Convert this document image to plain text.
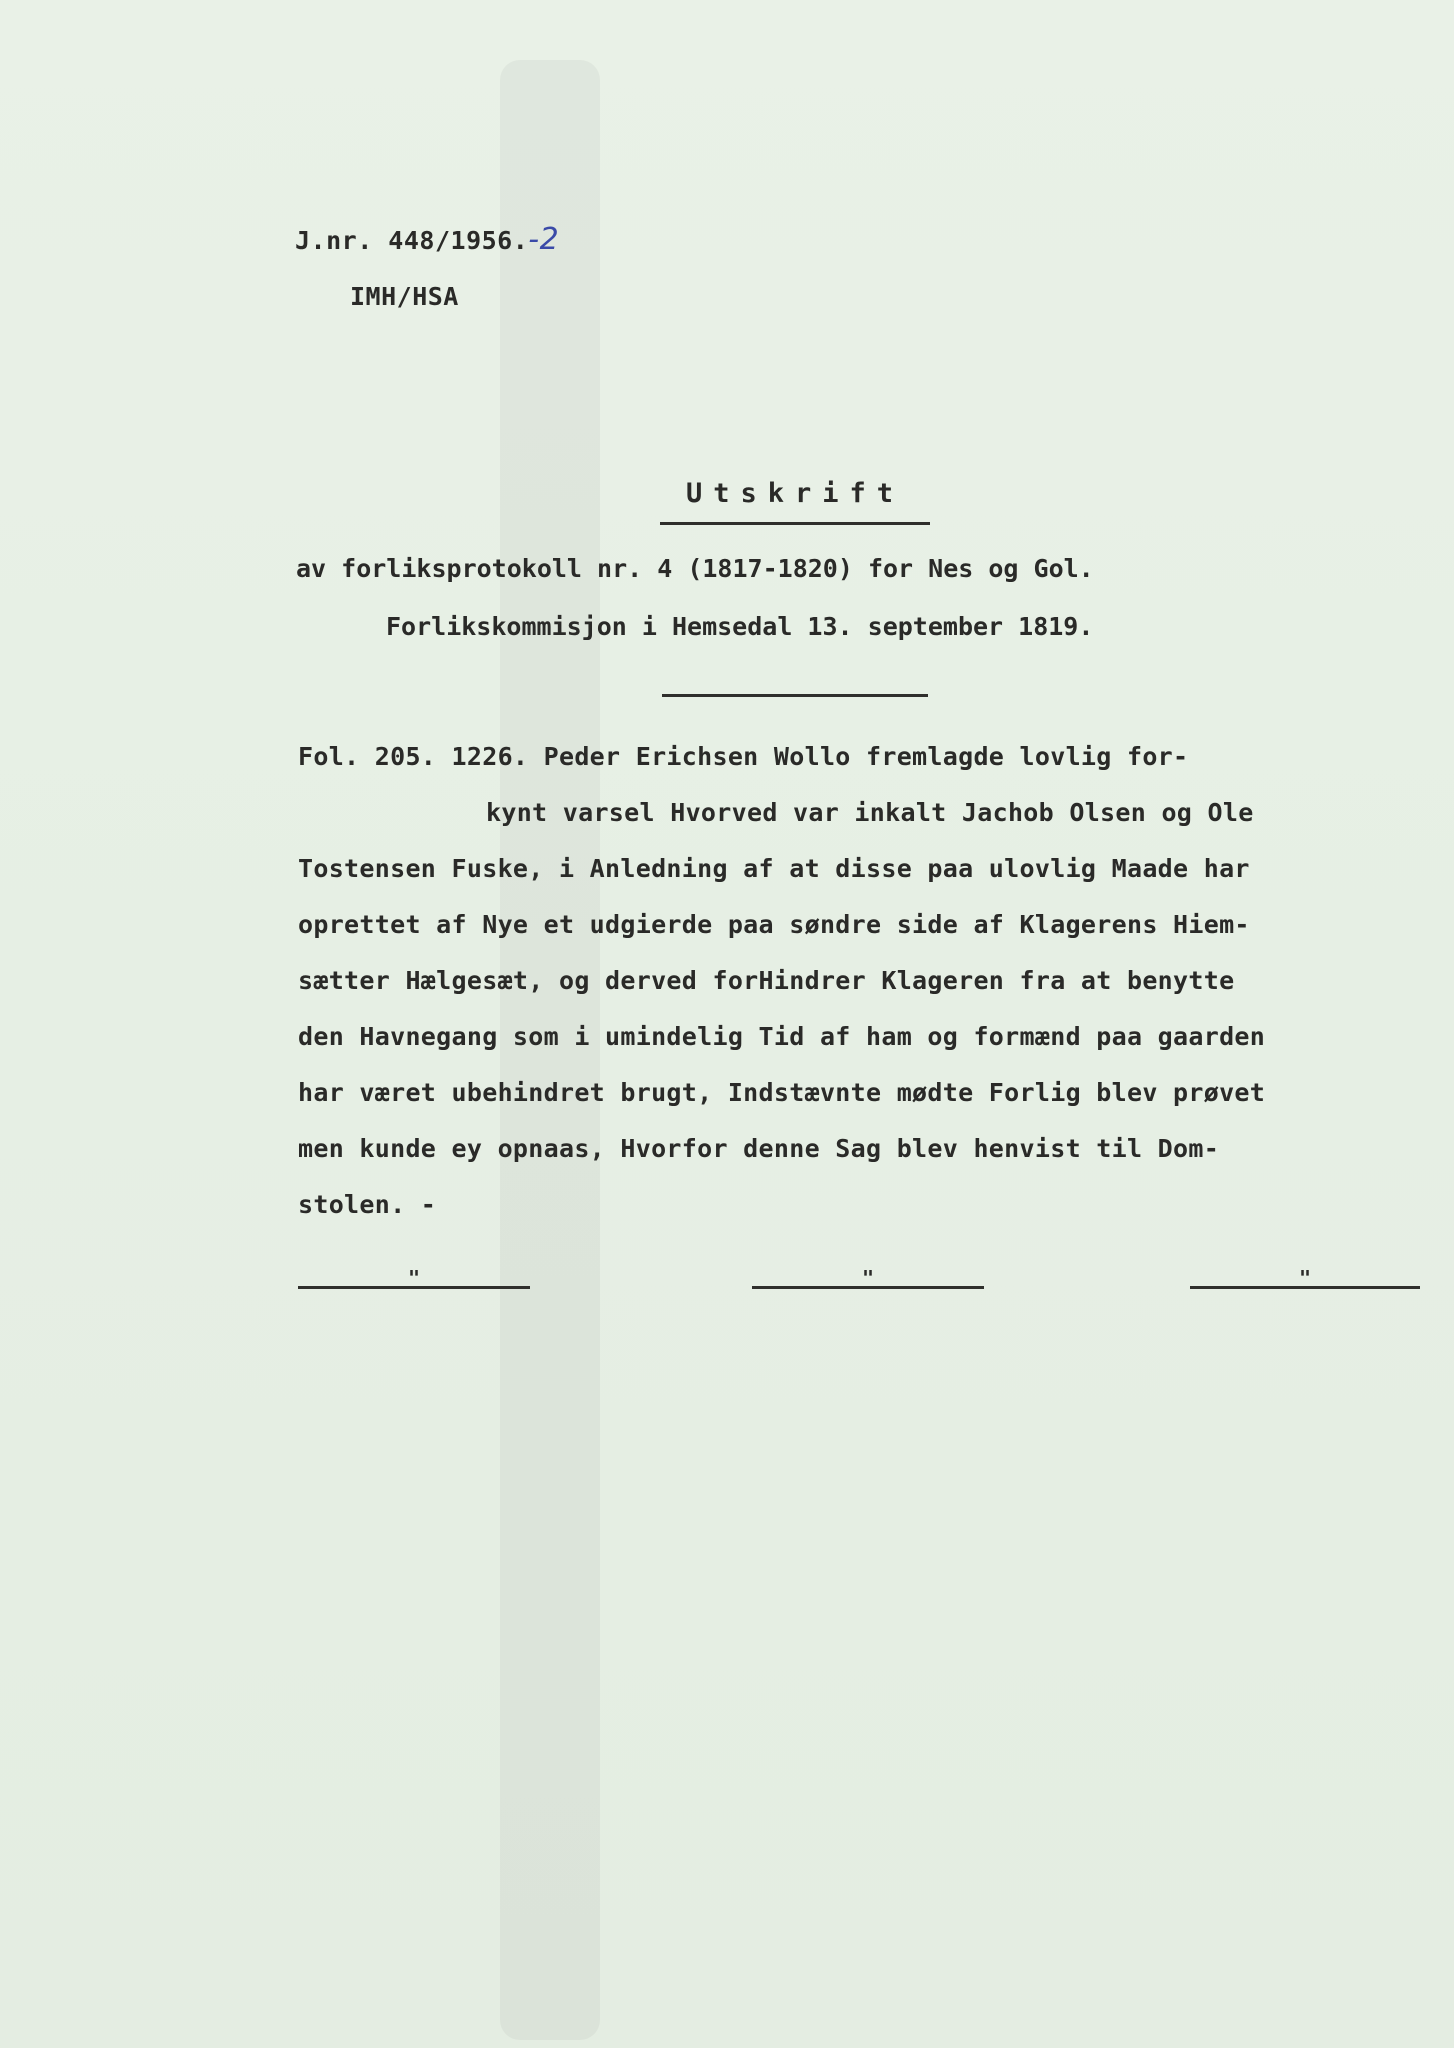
J.nr. 448/1956.-2
IMH/HSA
Utskrift
av forliksprotokoll nr. 4 (1817-1820) for Nes og Gol.
Forlikskommisjon i Hemsedal 13. september 1819.
Fol. 205. 1226. Peder Erichsen Wollo fremlagde lovlig for-
kynt varsel Hvorved var inkalt Jachob Olsen og Ole
Tostensen Fuske, i Anledning af at disse paa ulovlig Maade har
oprettet af Nye et udgierde paa søndre side af Klagerens Hiem-
sætter Hælgesæt, og derved forHindrer Klageren fra at benytte
den Havnegang som i umindelig Tid af ham og formænd paa gaarden
har været ubehindret brugt, Indstævnte mødte Forlig blev prøvet
men kunde ey opnaas, Hvorfor denne Sag blev henvist til Dom-
stolen. -
"	"	"
